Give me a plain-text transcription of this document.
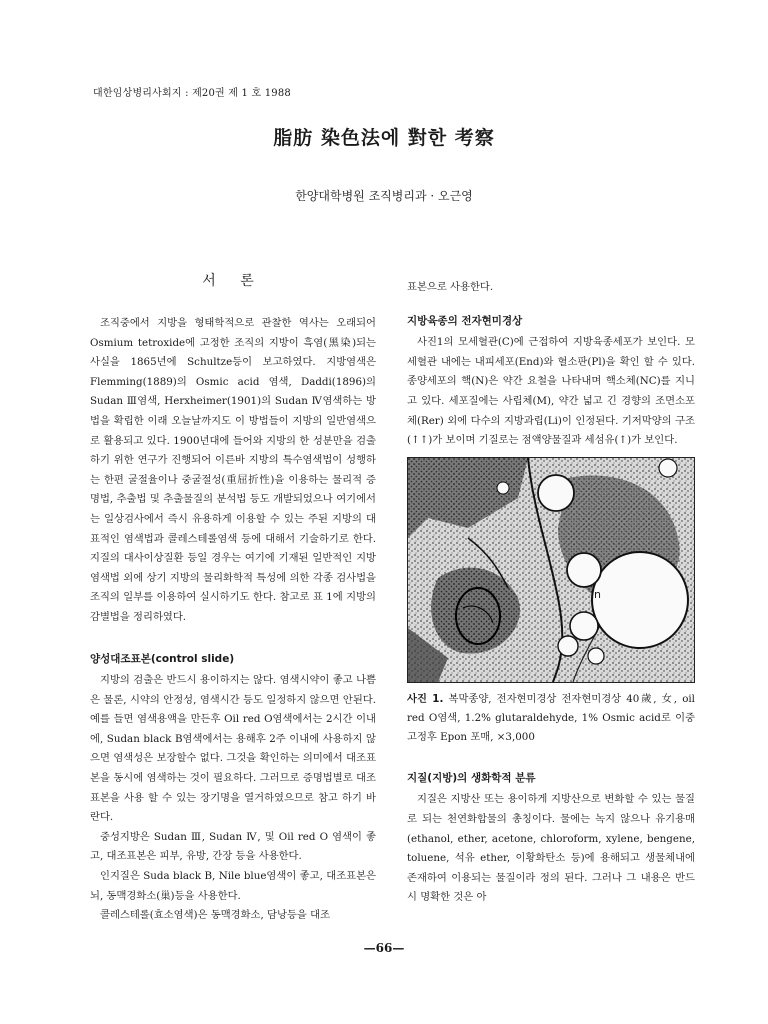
대한임상병리사회지 : 제20권 제 1 호 1988
脂肪 染色法에 對한 考察
한양대학병원 조직병리과 · 오근영
서 론

조직중에서 지방을 형태학적으로 관찰한 역사는 오래되어 Osmium tetroxide에 고정한 조직의 지방이 흑염(黑染)되는 사실을 1865년에 Schultze등이 보고하였다. 지방염색은 Flemming(1889)의 Osmic acid 염색, Daddi(1896)의 Sudan Ⅲ염색, Herxheimer(1901)의 Sudan Ⅳ염색하는 방법을 확립한 이래 오늘날까지도 이 방법들이 지방의 일반염색으로 활용되고 있다. 1900년대에 들어와 지방의 한 성분만을 검출하기 위한 연구가 진행되어 이른바 지방의 특수염색법이 성행하는 한편 굴절율이나 중굴절성(重屈折性)을 이용하는 물리적 증명법, 추출법 및 추출물질의 분석법 등도 개발되었으나 여기에서는 일상검사에서 즉시 유용하게 이용할 수 있는 주된 지방의 대표적인 염색법과 콜레스테롤염색 등에 대해서 기술하기로 한다. 지질의 대사이상질환 등일 경우는 여기에 기재된 일반적인 지방염색법 외에 상기 지방의 물리화학적 특성에 의한 각종 검사법을 조직의 일부를 이용하여 실시하기도 한다. 참고로 표 1에 지방의 감별법을 정리하였다.

양성대조표본(control slide)

지방의 검출은 반드시 용이하지는 않다. 염색시약이 좋고 나쁨은 물론, 시약의 안정성, 염색시간 등도 일정하지 않으면 안된다. 예를 들면 염색용액을 만든후 Oil red O염색에서는 2시간 이내에, Sudan black B염색에서는 용해후 2주 이내에 사용하지 않으면 염색성은 보장할수 없다. 그것을 확인하는 의미에서 대조표본을 동시에 염색하는 것이 필요하다. 그러므로 증명법별로 대조표본을 사용 할 수 있는 장기명을 열거하였으므로 참고 하기 바란다.

중성지방은 Sudan Ⅲ, Sudan Ⅳ, 및 Oil red O 염색이 좋고, 대조표본은 피부, 유방, 간장 등을 사용한다.

인지질은 Suda black B, Nile blue염색이 좋고, 대조표본은 뇌, 동맥경화소(巢)등을 사용한다.

콜레스테롤(효소염색)은 동맥경화소, 담낭등을 대조

표본으로 사용한다.

지방육종의 전자현미경상

사진1의 모세혈관(C)에 근접하여 지방육종세포가 보인다. 모세혈관 내에는 내피세포(End)와 혈소판(Pl)을 확인 할 수 있다. 종양세포의 핵(N)은 약간 요철을 나타내며 핵소체(NC)를 지니고 있다. 세포질에는 사립체(M), 약간 넓고 긴 경향의 조면소포체(Rer) 외에 다수의 지방과립(Li)이 인정된다. 기저막양의 구조(↑↑)가 보이며 기질로는 점액양물질과 세섬유(↑)가 보인다.

n
사진 1. 복막종양, 전자현미경상 전자현미경상 40歲, 女, oil red O염색, 1.2% glutaraldehyde, 1% Osmic acid로 이중고정후 Epon 포매, ×3,000
지질(지방)의 생화학적 분류

지질은 지방산 또는 용이하게 지방산으로 변화할 수 있는 물질로 되는 천연화합물의 총칭이다. 물에는 녹지 않으나 유기용매(ethanol, ether, acetone, chloroform, xylene, bengene, toluene, 석유 ether, 이황화탄소 등)에 용해되고 생물체내에 존재하여 이용되는 물질이라 정의 된다. 그러나 그 내용은 반드시 명확한 것은 아

—66—
